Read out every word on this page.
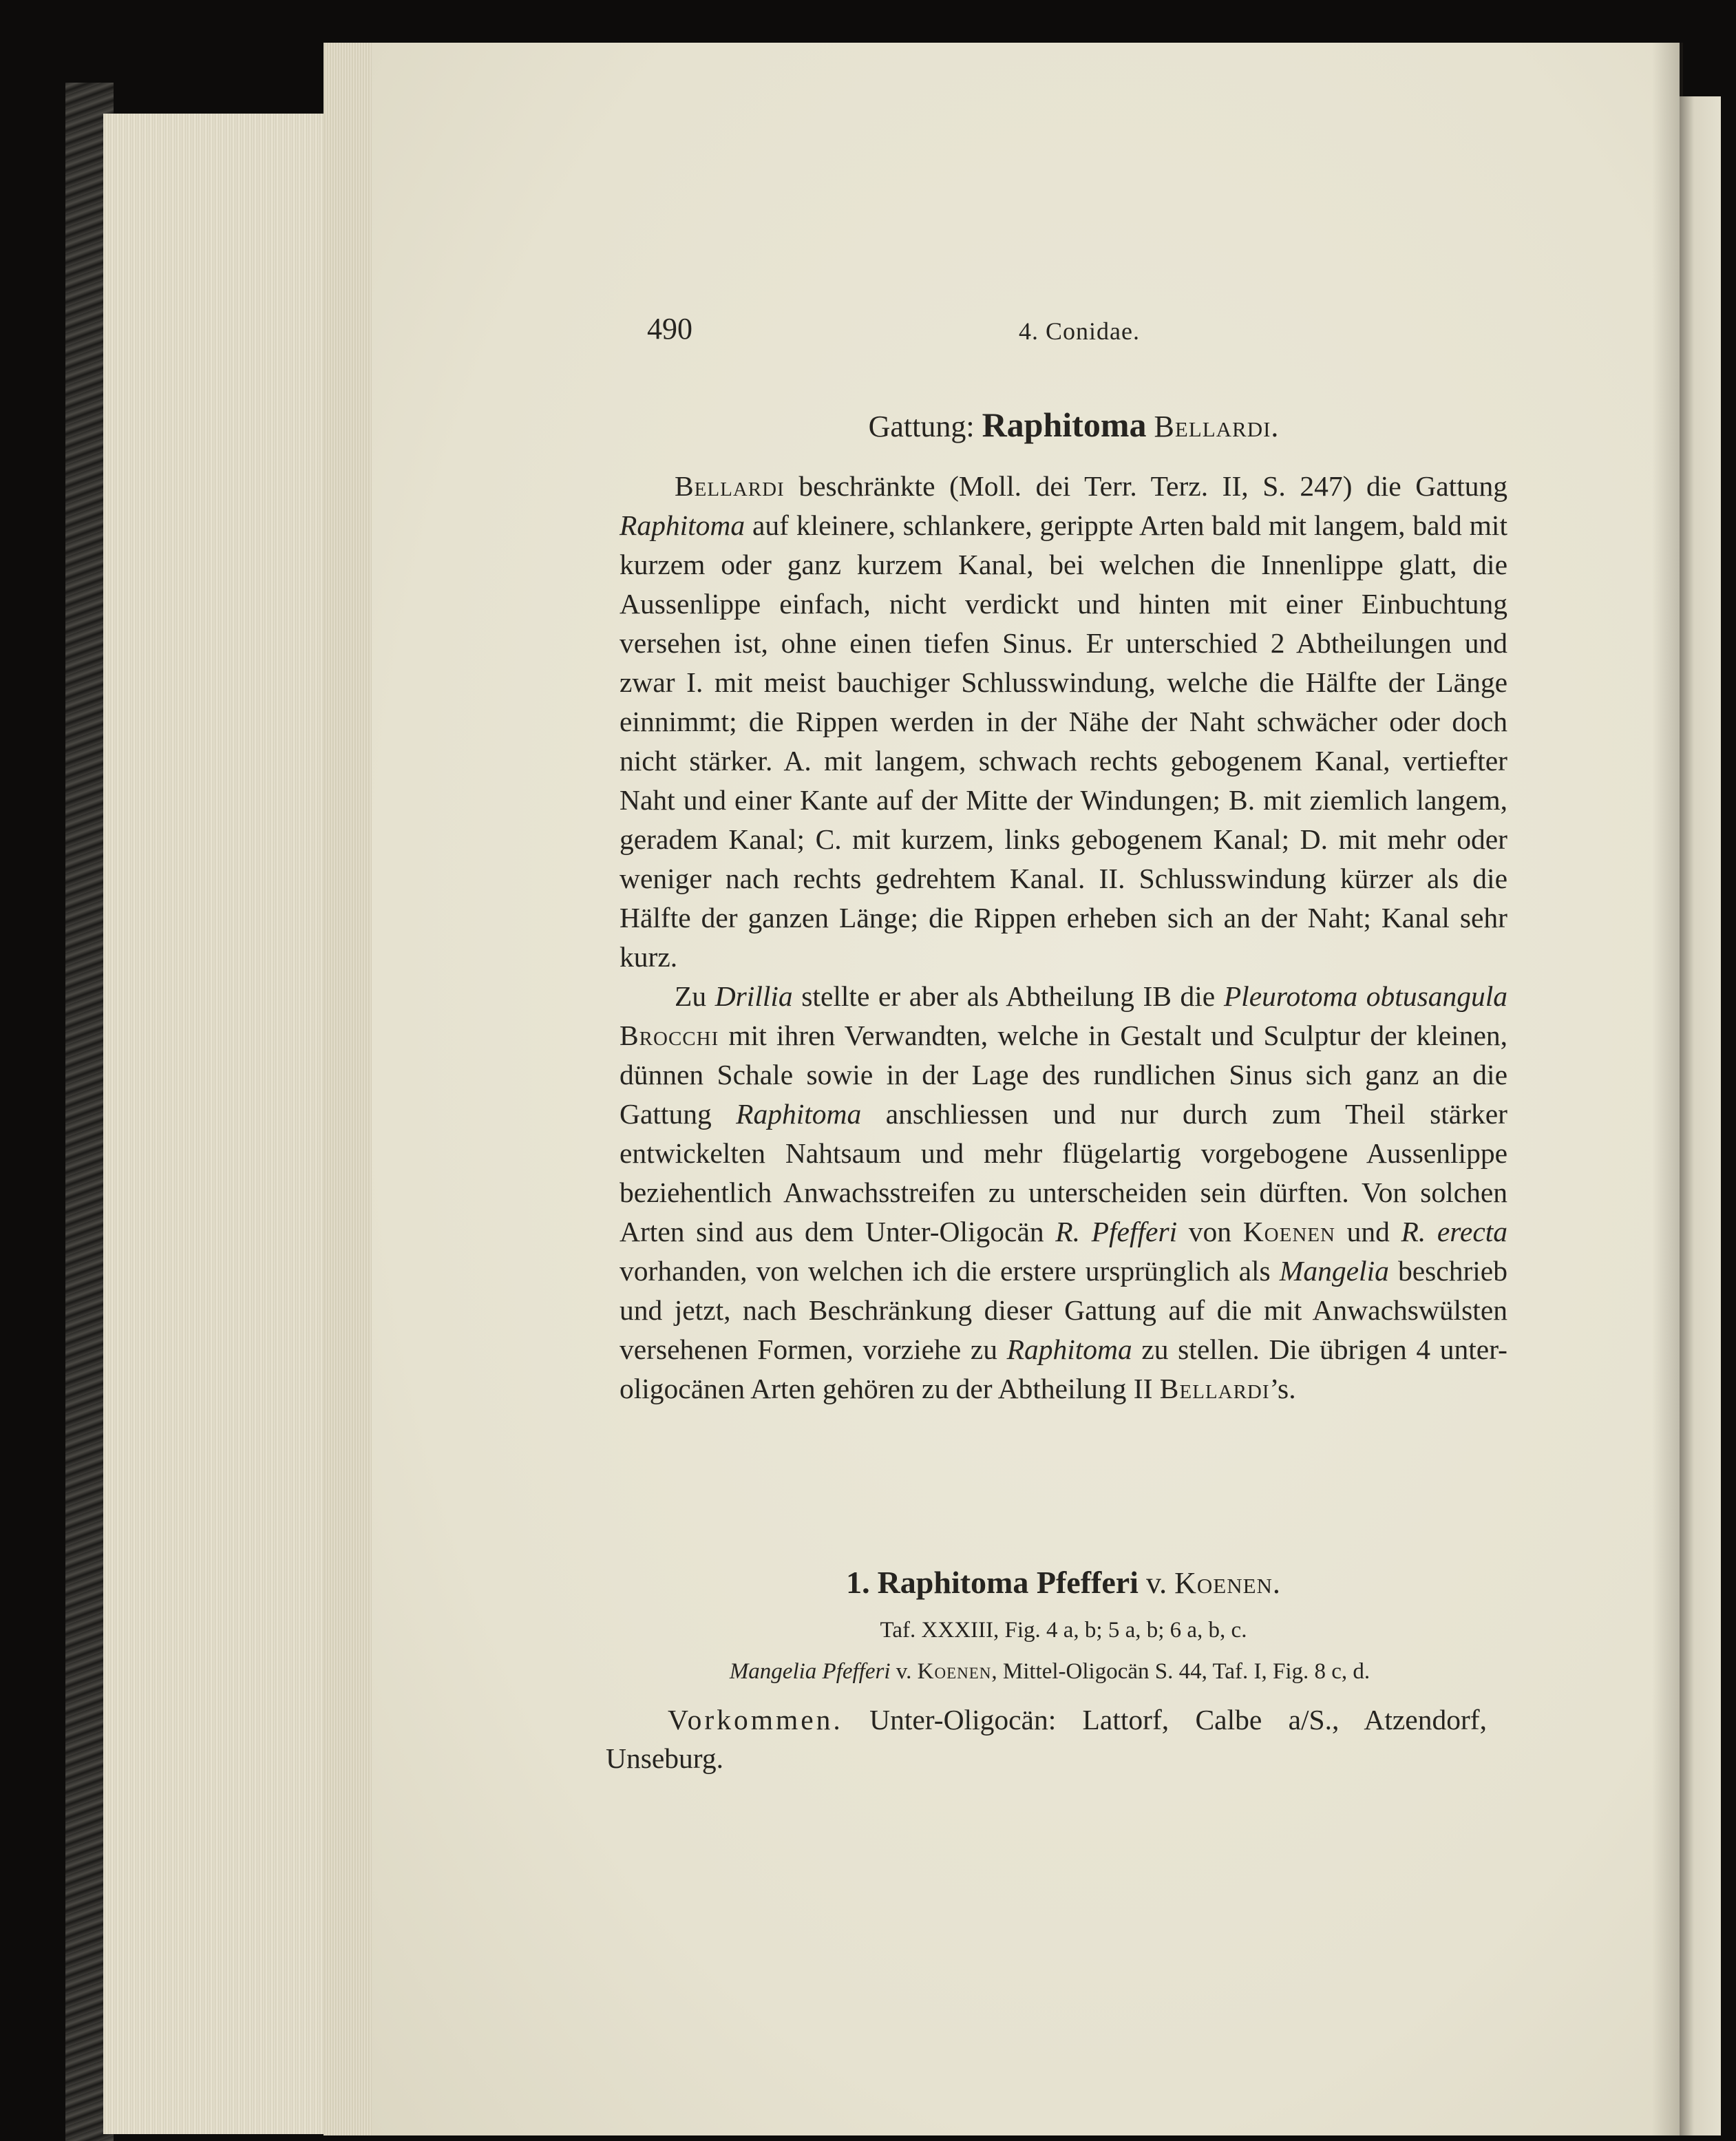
490	4. Conidae.
Gattung: Raphitoma Bellardi.

Bellardi beschränkte (Moll. dei Terr. Terz. II, S. 247) die Gattung Raphitoma auf kleinere, schlankere, gerippte Arten bald mit langem, bald mit kurzem oder ganz kurzem Kanal, bei welchen die Innenlippe glatt, die Aussenlippe einfach, nicht verdickt und hinten mit einer Einbuchtung versehen ist, ohne einen tiefen Sinus. Er unterschied 2 Abtheilungen und zwar I. mit meist bauchiger Schlusswindung, welche die Hälfte der Länge einnimmt; die Rippen werden in der Nähe der Naht schwächer oder doch nicht stärker. A. mit langem, schwach rechts gebogenem Kanal, vertiefter Naht und einer Kante auf der Mitte der Windungen; B. mit ziemlich langem, geradem Kanal; C. mit kurzem, links gebogenem Kanal; D. mit mehr oder weniger nach rechts gedrehtem Kanal. II. Schlusswindung kürzer als die Hälfte der ganzen Länge; die Rippen erheben sich an der Naht; Kanal sehr kurz.

Zu Drillia stellte er aber als Abtheilung IB die Pleurotoma obtusangula Brocchi mit ihren Verwandten, welche in Gestalt und Sculptur der kleinen, dünnen Schale sowie in der Lage des rundlichen Sinus sich ganz an die Gattung Raphitoma anschliessen und nur durch zum Theil stärker entwickelten Nahtsaum und mehr flügelartig vorgebogene Aussenlippe beziehentlich Anwachsstreifen zu unterscheiden sein dürften. Von solchen Arten sind aus dem Unter-Oligocän R. Pfefferi von Koenen und R. erecta vorhanden, von welchen ich die erstere ursprünglich als Mangelia beschrieb und jetzt, nach Beschränkung dieser Gattung auf die mit Anwachswülsten versehenen Formen, vorziehe zu Raphitoma zu stellen. Die übrigen 4 unter-oligocänen Arten gehören zu der Abtheilung II Bellardi’s.

1. Raphitoma Pfefferi v. Koenen.
Taf. XXXIII, Fig. 4 a, b; 5 a, b; 6 a, b, c.
Mangelia Pfefferi v. Koenen, Mittel-Oligocän S. 44, Taf. I, Fig. 8 c, d.

Vorkommen. Unter-Oligocän: Lattorf, Calbe a/S., Atzendorf, Unseburg.
